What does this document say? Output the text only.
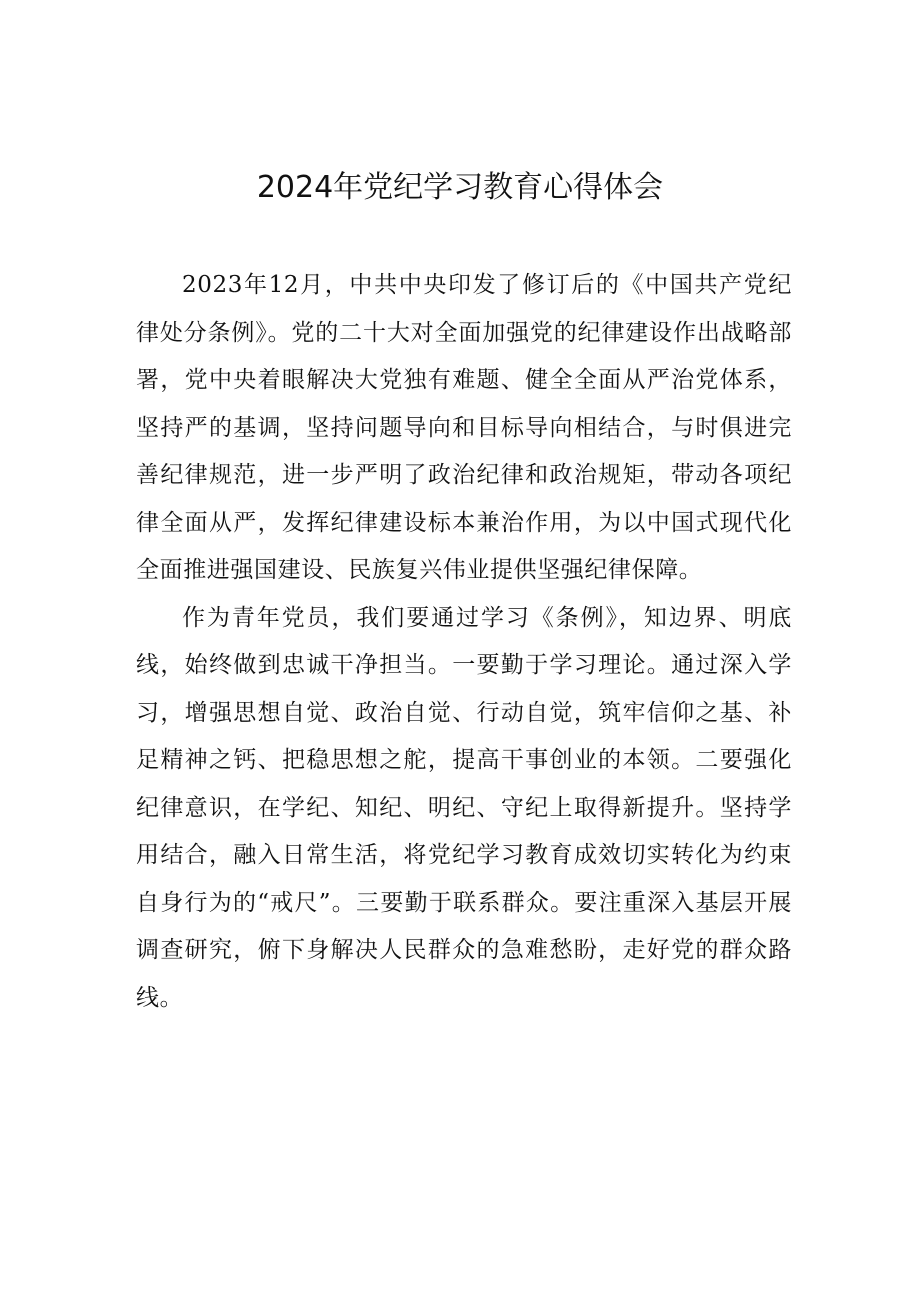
2024年党纪学习教育心得体会

2023年12月，中共中央印发了修订后的《中国共产党纪律处分条例》。党的二十大对全面加强党的纪律建设作出战略部署，党中央着眼解决大党独有难题、健全全面从严治党体系，坚持严的基调，坚持问题导向和目标导向相结合，与时俱进完善纪律规范，进一步严明了政治纪律和政治规矩，带动各项纪律全面从严，发挥纪律建设标本兼治作用，为以中国式现代化全面推进强国建设、民族复兴伟业提供坚强纪律保障。

作为青年党员，我们要通过学习《条例》，知边界、明底线，始终做到忠诚干净担当。一要勤于学习理论。通过深入学习，增强思想自觉、政治自觉、行动自觉，筑牢信仰之基、补足精神之钙、把稳思想之舵，提高干事创业的本领。二要强化纪律意识，在学纪、知纪、明纪、守纪上取得新提升。坚持学用结合，融入日常生活，将党纪学习教育成效切实转化为约束自身行为的“戒尺”。三要勤于联系群众。要注重深入基层开展调查研究，俯下身解决人民群众的急难愁盼，走好党的群众路线。
